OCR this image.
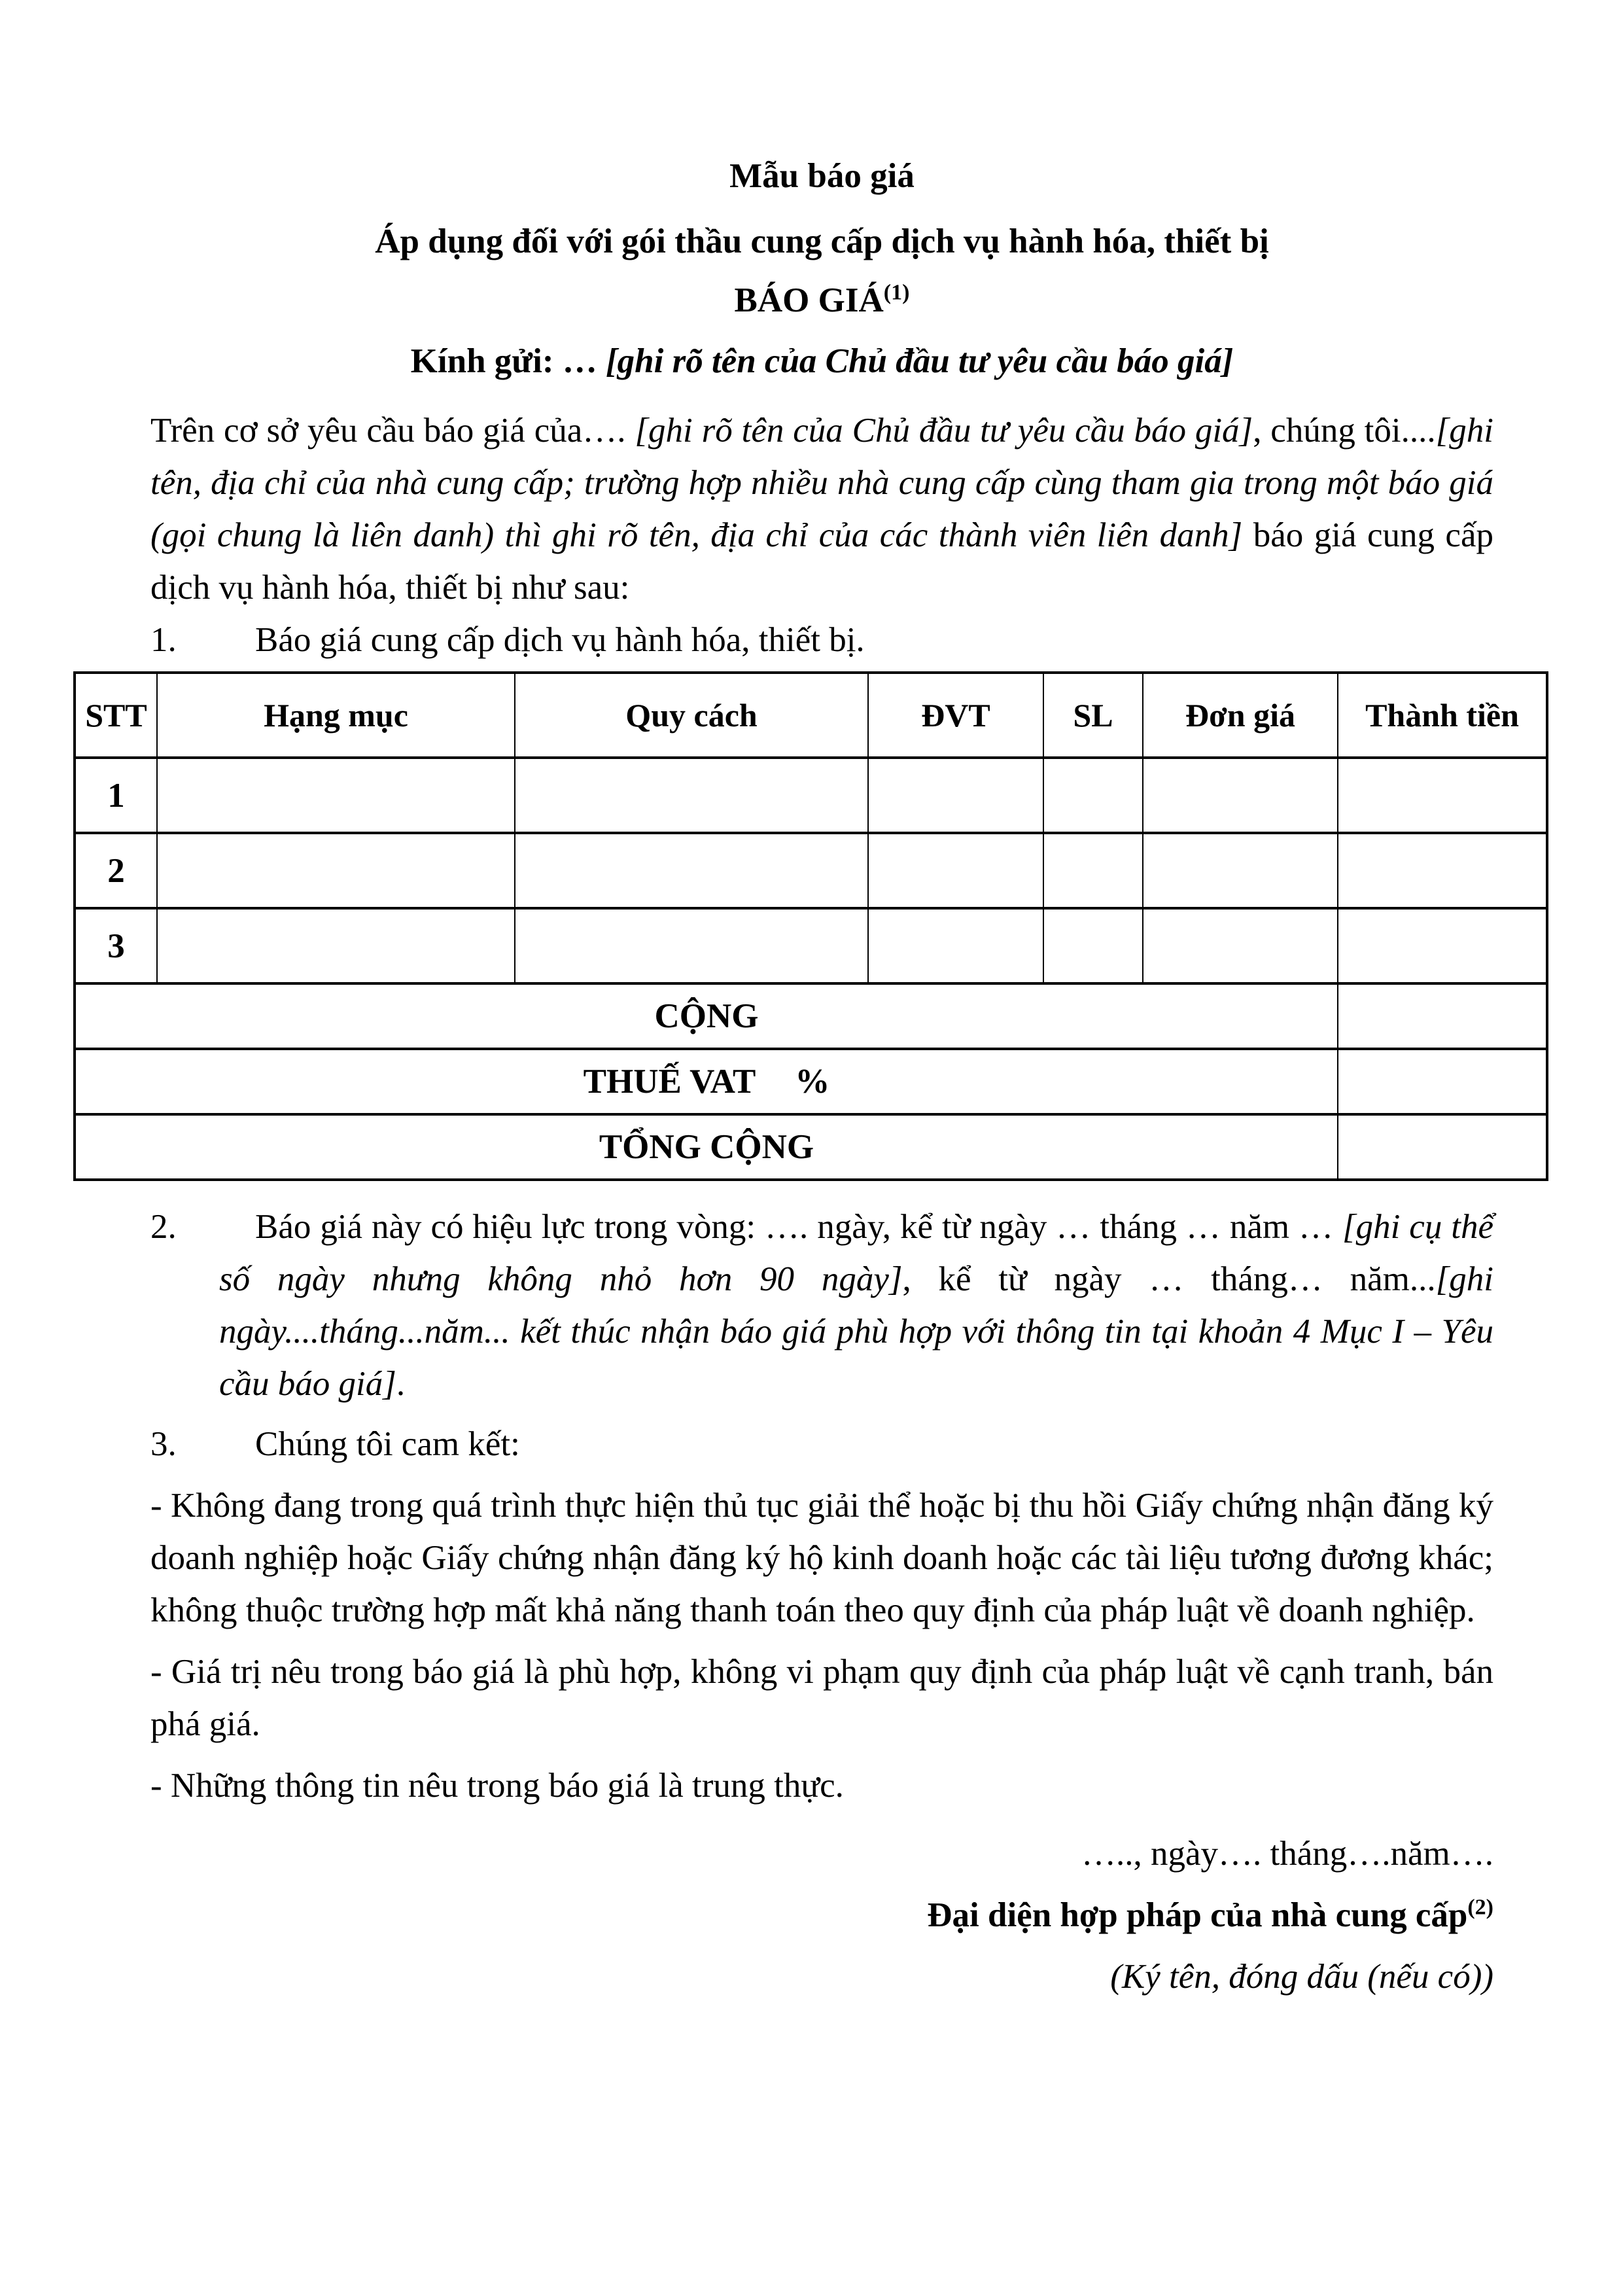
Mẫu báo giá

Áp dụng đối với gói thầu cung cấp dịch vụ hành hóa, thiết bị

BÁO GIÁ$^{(1)}$

Kính gửi: … [ghi rõ tên của Chủ đầu tư yêu cầu báo giá]

Trên cơ sở yêu cầu báo giá của…. [ghi rõ tên của Chủ đầu tư yêu cầu báo giá], chúng tôi....[ghi tên, địa chỉ của nhà cung cấp; trường hợp nhiều nhà cung cấp cùng tham gia trong một báo giá (gọi chung là liên danh) thì ghi rõ tên, địa chỉ của các thành viên liên danh] báo giá cung cấp dịch vụ hành hóa, thiết bị như sau:

1. Báo giá cung cấp dịch vụ hành hóa, thiết bị.

STT	Hạng mục	Quy cách	ĐVT	SL	Đơn giá	Thành tiền
1						
2						
3						
CỘNG						
THUẾ VAT %						
TỔNG CỘNG						

2. Báo giá này có hiệu lực trong vòng: …. ngày, kể từ ngày … tháng … năm … [ghi cụ thể số ngày nhưng không nhỏ hơn 90 ngày], kể từ ngày … tháng… năm...[ghi ngày....tháng...năm... kết thúc nhận báo giá phù hợp với thông tin tại khoản 4 Mục I – Yêu cầu báo giá].

3. Chúng tôi cam kết:

- Không đang trong quá trình thực hiện thủ tục giải thể hoặc bị thu hồi Giấy chứng nhận đăng ký doanh nghiệp hoặc Giấy chứng nhận đăng ký hộ kinh doanh hoặc các tài liệu tương đương khác; không thuộc trường hợp mất khả năng thanh toán theo quy định của pháp luật về doanh nghiệp.

- Giá trị nêu trong báo giá là phù hợp, không vi phạm quy định của pháp luật về cạnh tranh, bán phá giá.

- Những thông tin nêu trong báo giá là trung thực.

….., ngày…. tháng….năm….

Đại diện hợp pháp của nhà cung cấp$^{(2)}$

(Ký tên, đóng dấu (nếu có))
